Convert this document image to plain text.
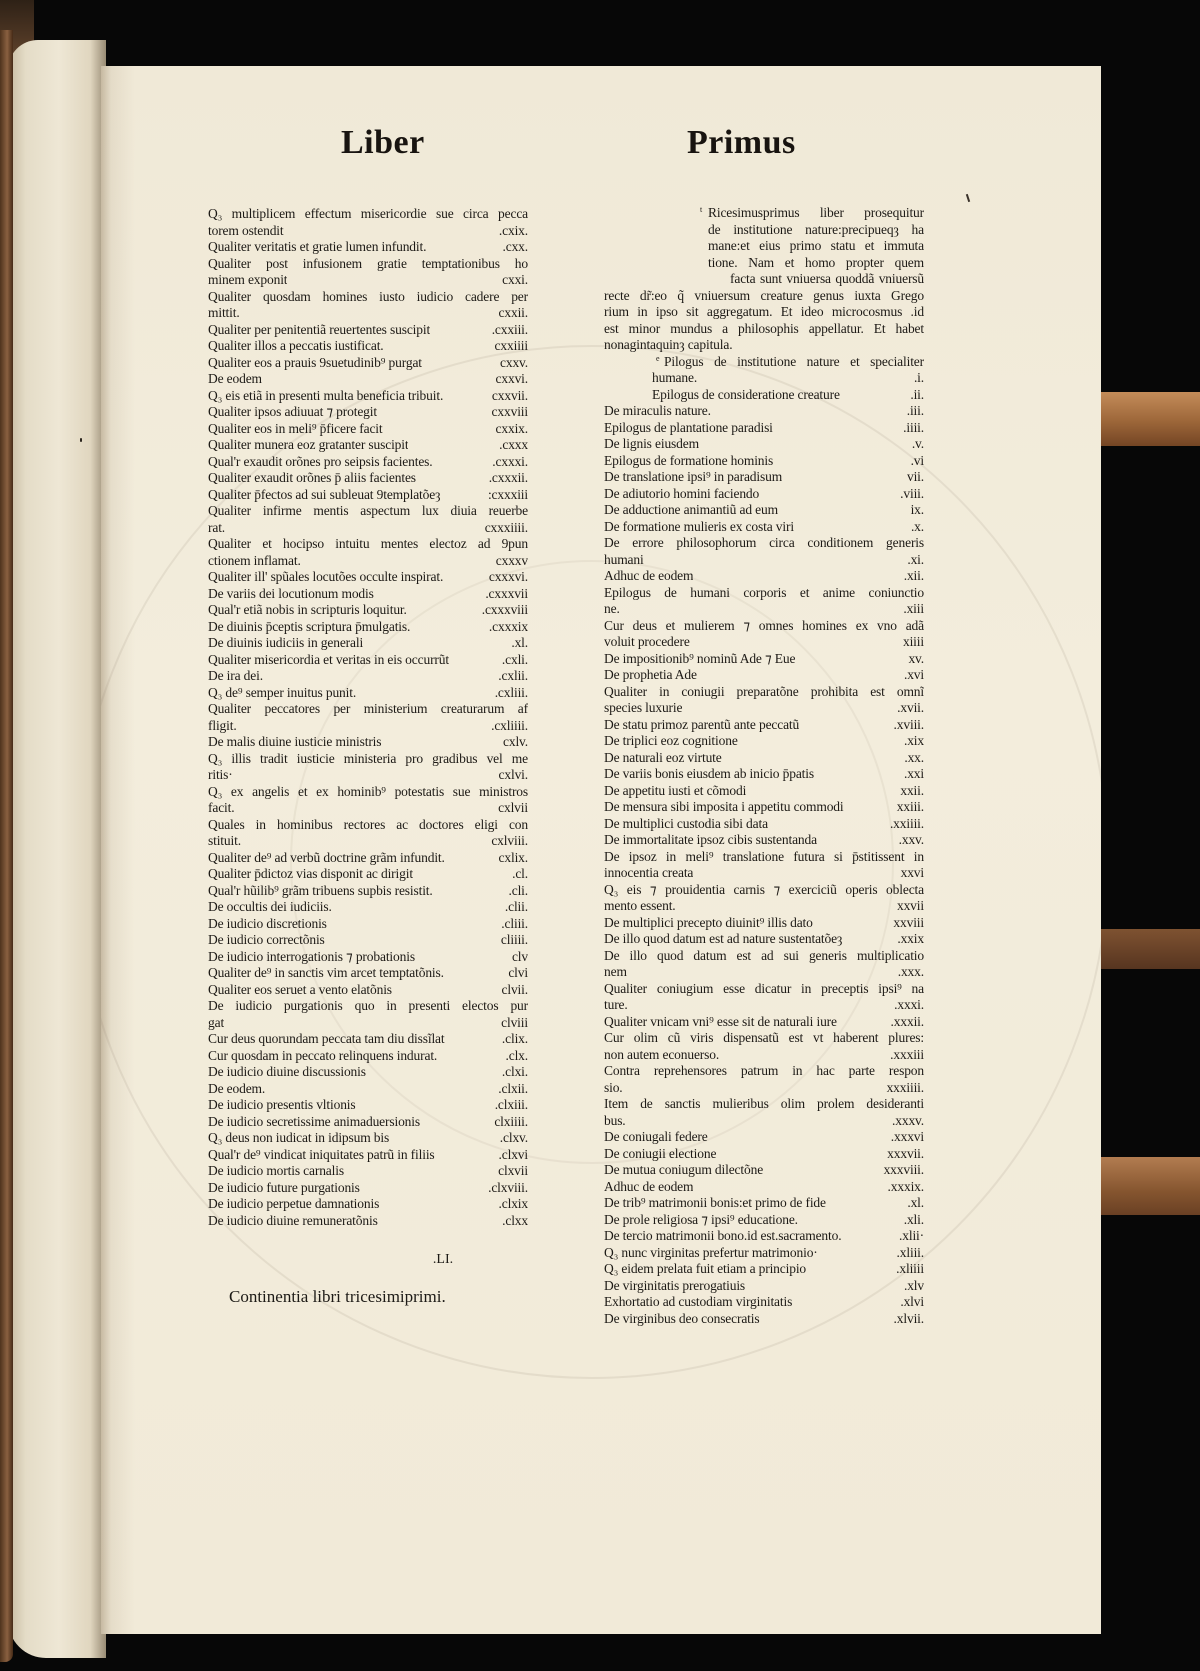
Liber	Primus
Q₃ multiplicem effectum misericordie sue circa pecca
torem ostendit	.cxix.
Qualiter veritatis et gratie lumen infundit.	.cxx.
Qualiter post infusionem gratie temptationibus ho
minem exponit	cxxi.
Qualiter quosdam homines iusto iudicio cadere per
mittit.	cxxii.
Qualiter per penitentiã reuertentes suscipit	.cxxiii.
Qualiter illos a peccatis iustificat.	cxxiiii
Qualiter eos a prauis 9suetudinib⁹ purgat	cxxv.
De eodem	cxxvi.
Q₃ eis etiã in presenti multa beneficia tribuit.	cxxvii.
Qualiter ipsos adiuuat ⁊ protegit	cxxviii
Qualiter eos in meli⁹ p̄ficere facit	cxxix.
Qualiter munera eoz gratanter suscipit	.cxxx
Qual'r exaudit orõnes pro seipsis facientes.	.cxxxi.
Qualiter exaudit orõnes p̄ aliis facientes	.cxxxii.
Qualiter p̄fectos ad sui subleuat 9templatõeȝ	:cxxxiii
Qualiter infirme mentis aspectum lux diuia reuerbe
rat.	cxxxiiii.
Qualiter et hocipso intuitu mentes electoz ad 9pun
ctionem inflamat.	cxxxv
Qualiter ill' spũales locutões occulte inspirat.	cxxxvi.
De variis dei locutionum modis	.cxxxvii
Qual'r etiã nobis in scripturis loquitur.	.cxxxviii
De diuinis p̄ceptis scriptura p̄mulgatis.	.cxxxix
De diuinis iudiciis in generali	.xl.
Qualiter misericordia et veritas in eis occurrũt	.cxli.
De ira dei.	.cxlii.
Q₃ de⁹ semper inuitus punit.	.cxliii.
Qualiter peccatores per ministerium creaturarum af
fligit.	.cxliiii.
De malis diuine iusticie ministris	cxlv.
Q₃ illis tradit iusticie ministeria pro gradibus vel me
ritis·	cxlvi.
Q₃ ex angelis et ex hominib⁹ potestatis sue ministros
facit.	cxlvii
Quales in hominibus rectores ac doctores eligi con
stituit.	cxlviii.
Qualiter de⁹ ad verbũ doctrine grãm infundit.	cxlix.
Qualiter p̄dictoz vias disponit ac dirigit	.cl.
Qual'r hũilib⁹ grãm tribuens supbis resistit.	.cli.
De occultis dei iudiciis.	.clii.
De iudicio discretionis	.cliii.
De iudicio correctõnis	cliiii.
De iudicio interrogationis ⁊ probationis	clv
Qualiter de⁹ in sanctis vim arcet temptatõnis.	clvi
Qualiter eos seruet a vento elatõnis	clvii.
De iudicio purgationis quo in presenti electos pur
gat	clviii
Cur deus quorundam peccata tam diu dissĩlat	.clix.
Cur quosdam in peccato relinquens indurat.	.clx.
De iudicio diuine discussionis	.clxi.
De eodem.	.clxii.
De iudicio presentis vltionis	.clxiii.
De iudicio secretissime animaduersionis	clxiiii.
Q₃ deus non iudicat in idipsum bis	.clxv.
Qual'r de⁹ vindicat iniquitates patrũ in filiis	.clxvi
De iudicio mortis carnalis	clxvii
De iudicio future purgationis	.clxviii.
De iudicio perpetue damnationis	.clxix
De iudicio diuine remuneratõnis	.clxx
t Ricesimusprimus liber prosequitur
de institutione nature:precipueqȝ ha
mane:et eius primo statu et immuta
tione. Nam et homo propter quem
facta sunt vniuersa quoddã vniuersũ
recte dr̃:eo q̃ vniuersum creature genus iuxta Grego
rium in ipso sit aggregatum. Et ideo microcosmus .id
est minor mundus a philosophis appellatur. Et habet
nonagintaquinȝ capitula.
e Pilogus de institutione nature et specialiter
humane.	.i.
Epilogus de consideratione creature	.ii.
De miraculis nature.	.iii.
Epilogus de plantatione paradisi	.iiii.
De lignis eiusdem	.v.
Epilogus de formatione hominis	.vi
De translatione ipsi⁹ in paradisum	vii.
De adiutorio homini faciendo	.viii.
De adductione animantiũ ad eum	ix.
De formatione mulieris ex costa viri	.x.
De errore philosophorum circa conditionem generis
humani	.xi.
Adhuc de eodem	.xii.
Epilogus de humani corporis et anime coniunctio
ne.	.xiii
Cur deus et mulierem ⁊ omnes homines ex vno adã
voluit procedere	xiiii
De impositionib⁹ nominũ Ade ⁊ Eue	xv.
De prophetia Ade	.xvi
Qualiter in coniugii preparatõne prohibita est omnĩ
species luxurie	.xvii.
De statu primoz parentũ ante peccatũ	.xviii.
De triplici eoz cognitione	.xix
De naturali eoz virtute	.xx.
De variis bonis eiusdem ab inicio p̄patis	.xxi
De appetitu iusti et cõmodi	xxii.
De mensura sibi imposita i appetitu commodi	xxiii.
De multiplici custodia sibi data	.xxiiii.
De immortalitate ipsoz cibis sustentanda	.xxv.
De ipsoz in meli⁹ translatione futura si p̄stitissent in
innocentia creata	xxvi
Q₃ eis ⁊ prouidentia carnis ⁊ exerciciũ operis oblecta
mento essent.	xxvii
De multiplici precepto diuinit⁹ illis dato	xxviii
De illo quod datum est ad nature sustentatõeȝ	.xxix
De illo quod datum est ad sui generis multiplicatio
nem	.xxx.
Qualiter coniugium esse dicatur in preceptis ipsi⁹ na
ture.	.xxxi.
Qualiter vnicam vni⁹ esse sit de naturali iure	.xxxii.
Cur olim cũ viris dispensatũ est vt haberent plures:
non autem econuerso.	.xxxiii
Contra reprehensores patrum in hac parte respon
sio.	xxxiiii.
Item de sanctis mulieribus olim prolem desideranti
bus.	.xxxv.
De coniugali federe	.xxxvi
De coniugii electione	xxxvii.
De mutua coniugum dilectõne	xxxviii.
Adhuc de eodem	.xxxix.
De trib⁹ matrimonii bonis:et primo de fide	.xl.
De prole religiosa ⁊ ipsi⁹ educatione.	.xli.
De tercio matrimonii bono.id est.sacramento.	.xlii·
Q₃ nunc virginitas prefertur matrimonio·	.xliii.
Q₃ eidem prelata fuit etiam a principio	.xliiii
De virginitatis prerogatiuis	.xlv
Exhortatio ad custodiam virginitatis	.xlvi
De virginibus deo consecratis	.xlvii.
.LI.
Continentia libri tricesimiprimi.
